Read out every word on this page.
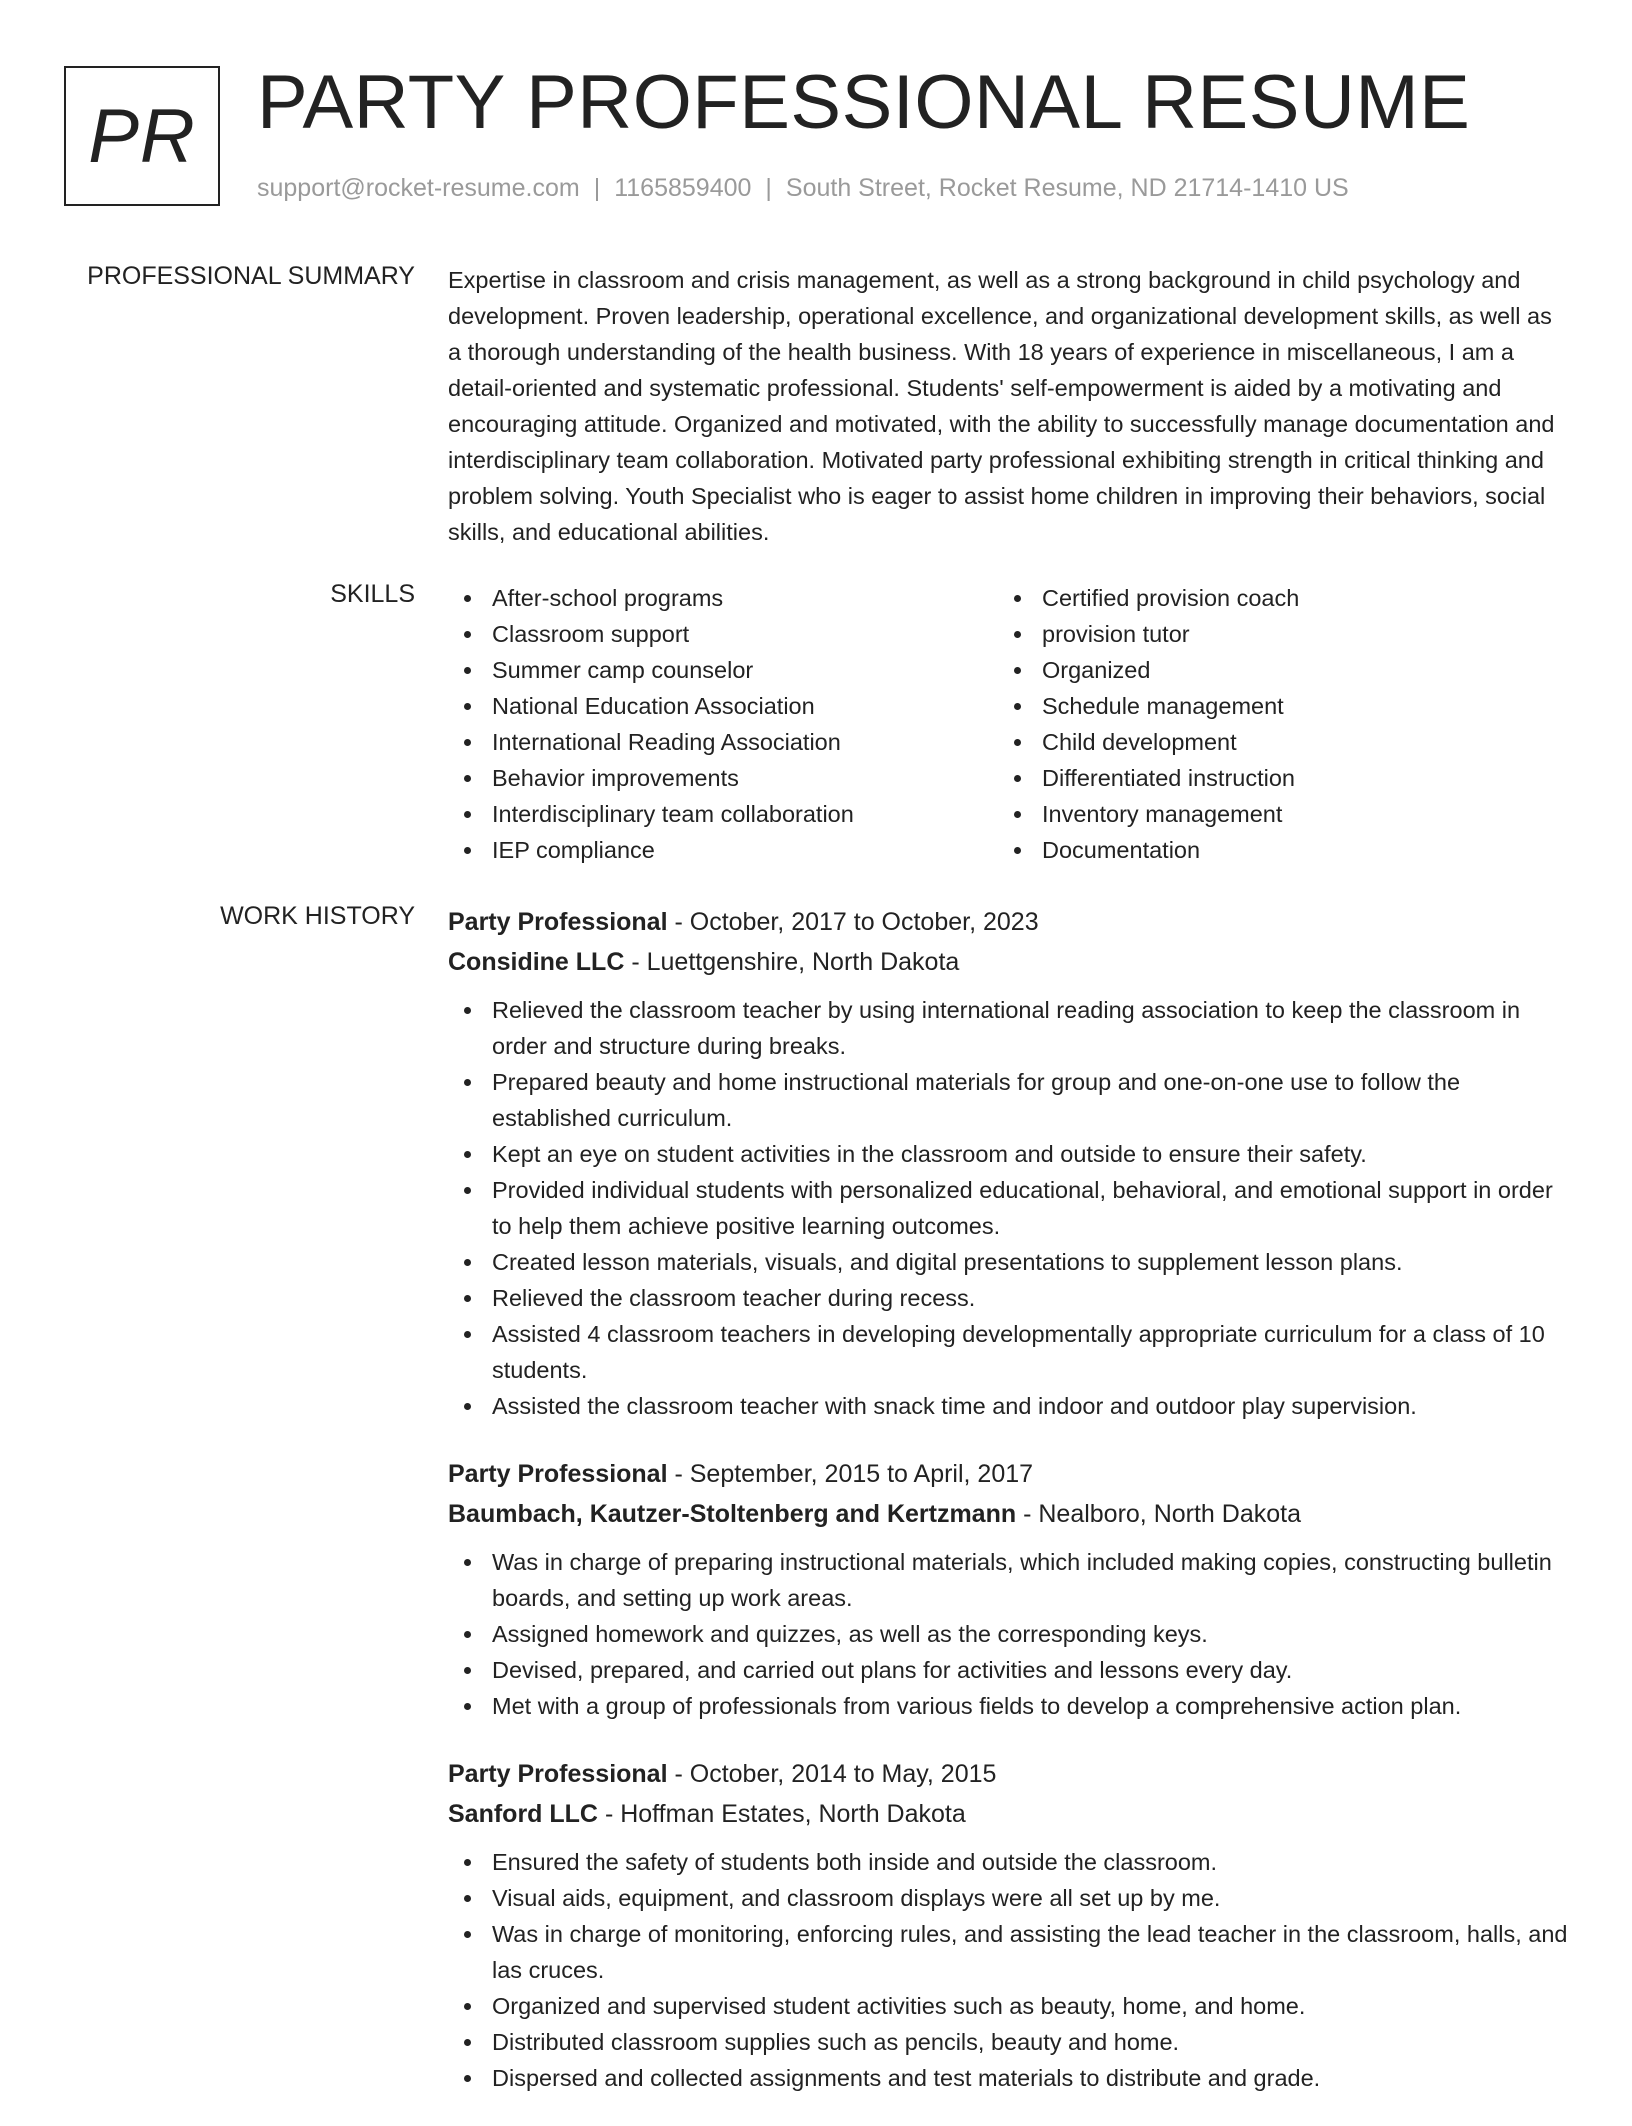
PR PARTY PROFESSIONAL RESUME
support@rocket-resume.com | 1165859400 | South Street, Rocket Resume, ND 21714-1410 US
PROFESSIONAL SUMMARY Expertise in classroom and crisis management, as well as a strong background in child psychology and development. Proven leadership, operational excellence, and organizational development skills, as well as a thorough understanding of the health business. With 18 years of experience in miscellaneous, I am a detail-oriented and systematic professional. Students' self-empowerment is aided by a motivating and encouraging attitude. Organized and motivated, with the ability to successfully manage documentation and interdisciplinary team collaboration. Motivated party professional exhibiting strength in critical thinking and problem solving. Youth Specialist who is eager to assist home children in improving their behaviors, social skills, and educational abilities.

SKILLS	After-school programs
Classroom support
Summer camp counselor
National Education Association
International Reading Association
Behavior improvements
Interdisciplinary team collaboration
IEP compliance
Certified provision coach
provision tutor
Organized
Schedule management
Child development
Differentiated instruction
Inventory management
Documentation
WORK HISTORY Party Professional - October, 2017 to October, 2023
Considine LLC - Luettgenshire, North Dakota
Relieved the classroom teacher by using international reading association to keep the classroom in order and structure during breaks.
Prepared beauty and home instructional materials for group and one-on-one use to follow the established curriculum.
Kept an eye on student activities in the classroom and outside to ensure their safety.
Provided individual students with personalized educational, behavioral, and emotional support in order to help them achieve positive learning outcomes.
Created lesson materials, visuals, and digital presentations to supplement lesson plans.
Relieved the classroom teacher during recess.
Assisted 4 classroom teachers in developing developmentally appropriate curriculum for a class of 10 students.
Assisted the classroom teacher with snack time and indoor and outdoor play supervision.
Party Professional - September, 2015 to April, 2017
Baumbach, Kautzer-Stoltenberg and Kertzmann - Nealboro, North Dakota
Was in charge of preparing instructional materials, which included making copies, constructing bulletin boards, and setting up work areas.
Assigned homework and quizzes, as well as the corresponding keys.
Devised, prepared, and carried out plans for activities and lessons every day.
Met with a group of professionals from various fields to develop a comprehensive action plan.
Party Professional - October, 2014 to May, 2015
Sanford LLC - Hoffman Estates, North Dakota
Ensured the safety of students both inside and outside the classroom.
Visual aids, equipment, and classroom displays were all set up by me.
Was in charge of monitoring, enforcing rules, and assisting the lead teacher in the classroom, halls, and las cruces.
Organized and supervised student activities such as beauty, home, and home.
Distributed classroom supplies such as pencils, beauty and home.
Dispersed and collected assignments and test materials to distribute and grade.
